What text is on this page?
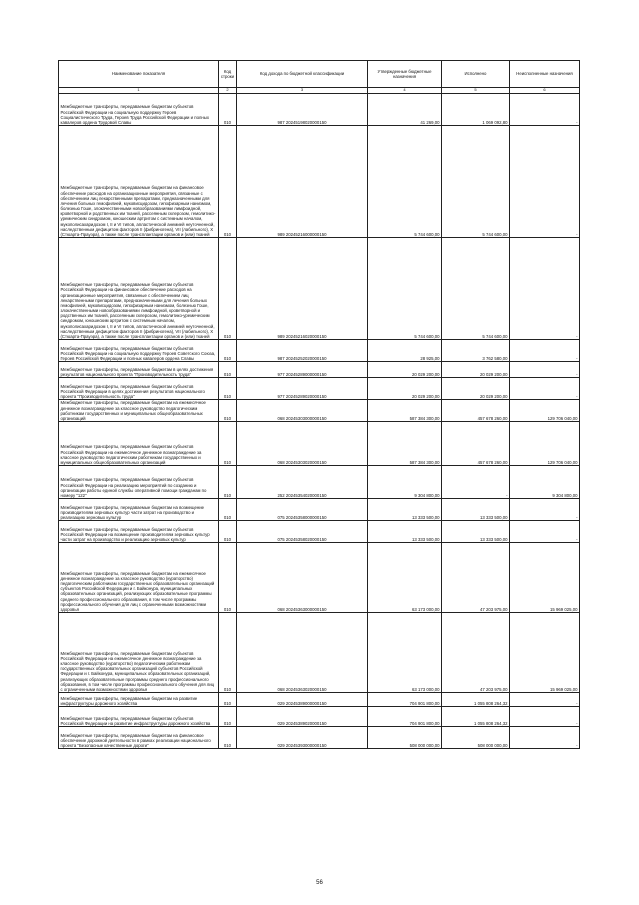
Наименование показателя	Код строки	Код дохода по бюджетной классификации	Утвержденные бюджетные назначения	Исполнено	Неисполненные назначения
1	2	3	4	5	6
Межбюджетные трансферты, передаваемые бюджетам субъектов Российской Федерации на социальную поддержку Героев Социалистического Труда, Героев Труда Российской Федерации и полных кавалеров ордена Трудовой Славы	010	987 20245198020000150	41 269,00	1 069 092,80	-
Межбюджетные трансферты, передаваемые бюджетам на финансовое обеспечение расходов на организационные мероприятия, связанные с обеспечением лиц лекарственными препаратами, предназначенными для лечения больных гемофилией, муковисцидозом, гипофизарным нанизмом, болезнью Гоше, злокачественными новообразованиями лимфоидной, кроветворной и родственных им тканей, рассеянным склерозом, гемолитико-уремическим синдромом, юношеским артритом с системным началом, мукополисахаридозом I, II и VI типов, апластической анемией неуточненной, наследственным дефицитом факторов II (фибриногена), VII (лабильного), X (Стюарта-Прауэра), а также после трансплантации органов и (или) тканей	010	989 20245216000000150	5 744 600,00	5 744 600,00	-
Межбюджетные трансферты, передаваемые бюджетам субъектов Российской Федерации на финансовое обеспечение расходов на организационные мероприятия, связанные с обеспечением лиц лекарственными препаратами, предназначенными для лечения больных гемофилией, муковисцидозом, гипофизарным нанизмом, болезнью Гоше, злокачественными новообразованиями лимфоидной, кроветворной и родственных им тканей, рассеянным склерозом, гемолитико-уремическим синдромом, юношеским артритом с системным началом, мукополисахаридозом I, II и VI типов, апластической анемией неуточненной, наследственным дефицитом факторов II (фибриногена), VII (лабильного), X (Стюарта-Прауэра), а также после трансплантации органов и (или) тканей	010	989 20245216020000150	5 744 600,00	5 744 600,00	-
Межбюджетные трансферты, передаваемые бюджетам субъектов Российской Федерации на социальную поддержку Героев Советского Союза, Героев Российской Федерации и полных кавалеров ордена Славы	010	987 20245252020000150	28 925,00	3 762 580,00	-
Межбюджетные трансферты, передаваемые бюджетам в целях достижения результатов национального проекта "Производительность труда"	010	977 20245289000000150	20 029 200,00	20 029 200,00	-
Межбюджетные трансферты, передаваемые бюджетам субъектов Российской Федерации в целях достижения результатов национального проекта "Производительность труда"	010	977 20245289020000150	20 029 200,00	20 029 200,00	-
Межбюджетные трансферты, передаваемые бюджетам на ежемесячное денежное вознаграждение за классное руководство педагогическим работникам государственных и муниципальных общеобразовательных организаций	010	068 20245303000000150	587 384 300,00	457 678 260,00	129 706 040,00
Межбюджетные трансферты, передаваемые бюджетам субъектов Российской Федерации на ежемесячное денежное вознаграждение за классное руководство педагогическим работникам государственных и муниципальных общеобразовательных организаций	010	068 20245303020000150	587 384 300,00	457 678 260,00	129 706 040,00
Межбюджетные трансферты, передаваемые бюджетам субъектов Российской Федерации на реализацию мероприятий по созданию и организации работы единой службы оперативной помощи гражданам по номеру "122"	010	252 20245354020000150	9 304 800,00	-	9 304 800,00
Межбюджетные трансферты, передаваемые бюджетам на возмещение производителям зерновых культур части затрат на производство и реализацию зерновых культур	010	075 20245358000000150	13 333 500,00	13 333 500,00	-
Межбюджетные трансферты, передаваемые бюджетам субъектов Российской Федерации на возмещение производителям зерновых культур части затрат на производство и реализацию зерновых культур	010	075 20245358020000150	13 333 500,00	13 333 500,00	-
Межбюджетные трансферты, передаваемые бюджетам на ежемесячное денежное вознаграждение за классное руководство (кураторство) педагогическим работникам государственных образовательных организаций субъектов Российской Федерации и г. Байконура, муниципальных образовательных организаций, реализующих образовательные программы среднего профессионального образования, в том числе программы профессионального обучения для лиц с ограниченными возможностями здоровья	010	068 20245363000000150	63 173 000,00	47 203 975,00	15 969 025,00
Межбюджетные трансферты, передаваемые бюджетам субъектов Российской Федерации на ежемесячное денежное вознаграждение за классное руководство (кураторство) педагогическим работникам государственных образовательных организаций субъектов Российской Федерации и г. Байконура, муниципальных образовательных организаций, реализующих образовательные программы среднего профессионального образования, в том числе программы профессионального обучения для лиц с ограниченными возможностями здоровья	010	068 20245363020000150	63 173 000,00	47 203 975,00	15 969 025,00
Межбюджетные трансферты, передаваемые бюджетам на развитие инфраструктуры дорожного хозяйства	010	029 20245389000000150	704 901 800,00	1 055 808 264,32	-
Межбюджетные трансферты, передаваемые бюджетам субъектов Российской Федерации на развитие инфраструктуры дорожного хозяйства	010	029 20245389020000150	704 901 800,00	1 055 808 264,32	-
Межбюджетные трансферты, передаваемые бюджетам на финансовое обеспечение дорожной деятельности в рамках реализации национального проекта "Безопасные качественные дороги"	010	029 20245393000000150	508 000 000,00	508 000 000,00	-
56
